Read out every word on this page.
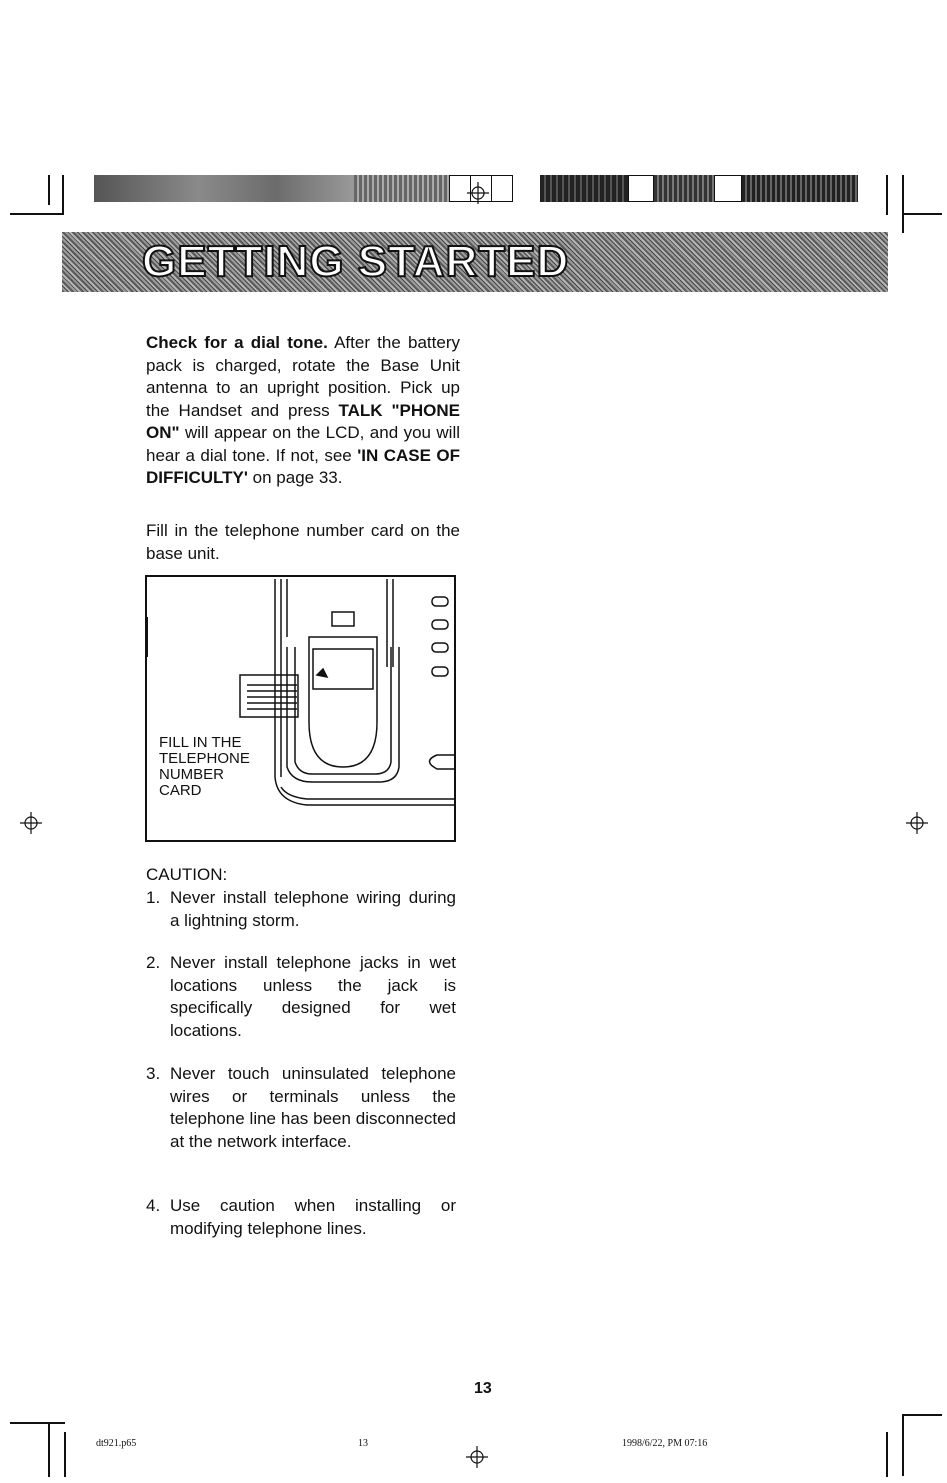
GETTING STARTED
Check for a dial tone. After the battery pack is charged, rotate the Base Unit antenna to an upright position. Pick up the Handset and press TALK "PHONE ON" will appear on the LCD, and you will hear a dial tone. If not, see 'IN CASE OF DIFFICULTY' on page 33.
Fill in the telephone number card on the base unit.
FILL IN THE
TELEPHONE
NUMBER
CARD
CAUTION:
1. Never install telephone wiring during a lightning storm.
2. Never install telephone jacks in wet locations unless the jack is specifically designed for wet locations.
3. Never touch uninsulated telephone wires or terminals unless the telephone line has been disconnected at the network interface.
4. Use caution when installing or modifying telephone lines.
13
dt921.p65	13	1998/6/22, PM 07:16
